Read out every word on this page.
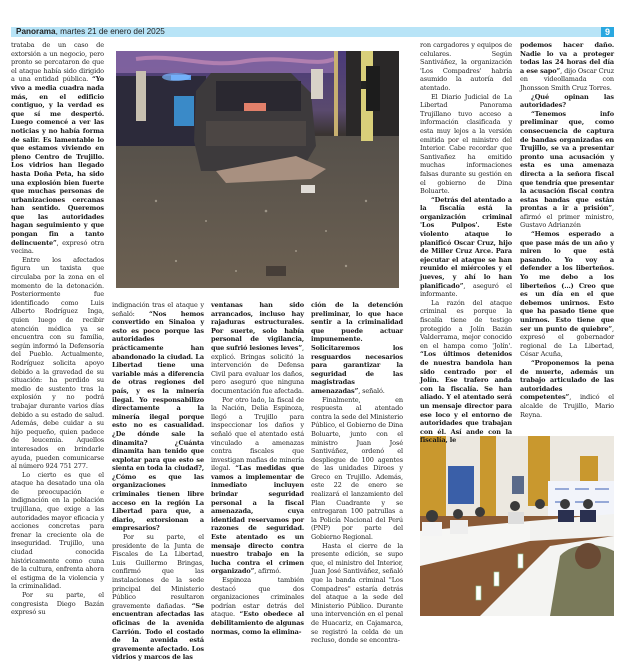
Panorama, martes 21 de enero del 2025	9

trataba de un caso de extorsión a un negocio, pero pronto se percataron de que el ataque había sido dirigido a una entidad pública. “Yo vivo a media cuadra nada más, en el edificio contiguo, y la verdad es que sí me despertó. Luego comencé a ver las noticias y no había forma de salir. Es lamentable lo que estamos viviendo en pleno Centro de Trujillo. Los vidrios han llegado hasta Doña Peta, ha sido una explosión bien fuerte que muchas personas de urbanizaciones cercanas han sentido. Queremos que las autoridades hagan seguimiento y que pongan fin a tanto delincuente”, expresó otra vecina.

Entre los afectados figura un taxista que circulaba por la zona en el momento de la detonación. Posteriormente fue identificado como Luis Alberto Rodríguez Inga, quien luego de recibir atención médica ya se encuentra con su familia, según informó la Defensoría del Pueblo. Actualmente, Rodríguez solicita apoyo debido a la gravedad de su situación: ha perdido su medio de sustento tras la explosión y no podrá trabajar durante varios días debido a su estado de salud. Además, debe cuidar a su hijo pequeño, quien padece de leucemia. Aquellos interesados en brindarle ayuda, pueden comunicarse al número 924 751 277.

Lo cierto es que el ataque ha desatado una ola de preocupación e indignación en la población trujillana, que exige a las autoridades mayor eficacia y acciones concretas para frenar la creciente ola de inseguridad. Trujillo, una ciudad conocida históricamente como cuna de la cultura, enfrenta ahora el estigma de la violencia y la criminalidad.

Por su parte, el congresista Diego Bazán expresó su

indignación tras el ataque y señaló: “Nos hemos convertido en Sinaloa y esto es poco porque las autoridades prácticamente han abandonado la ciudad. La Libertad tiene una variable más a diferencia de otras regiones del país, y es la minería ilegal. Yo responsabilizo directamente a la minería ilegal porque esto no es casualidad. ¿De dónde sale la dinamita? ¿Cuánta dinamita han tenido que explotar para que esto se sienta en toda la ciudad?, ¿Cómo es que las organizaciones criminales tienen libre acceso en la región La Libertad para que, a diario, extorsionan a empresarios?

Por su parte, el presidente de la Junta de Fiscales de La Libertad, Luis Guillermo Bringas, confirmó que las instalaciones de la sede principal del Ministerio Público resultaron gravemente dañadas. “Se encuentran afectadas las oficinas de la avenida Carrión. Todo el costado de la avenida está gravemente afectado. Los vidrios y marcos de las

ventanas han sido arrancados, incluso hay rajaduras estructurales. Por suerte, solo había personal de vigilancia, que sufrió lesiones leves”, explicó. Bringas solicitó la intervención de Defensa Civil para evaluar los daños, pero aseguró que ninguna documentación fue afectada.

Por otro lado, la fiscal de la Nación, Delia Espinoza, llegó a Trujillo para inspeccionar los daños y señaló que el atentado está vinculado a amenazas contra fiscales que investigan mafias de minería ilegal. “Las medidas que vamos a implementar de inmediato incluyen brindar seguridad personal a la fiscal amenazada, cuya identidad reservamos por razones de seguridad. Este atentado es un mensaje directo contra nuestro trabajo en la lucha contra el crimen organizado”, afirmó.

Espinoza también destacó que dos organizaciones criminales podrían estar detrás del ataque. “Esto obedece al debilitamiento de algunas normas, como la elimina-

ción de la detención preliminar, lo que hace sentir a la criminalidad que puede actuar impunemente. Solicitaremos los resguardos necesarios para garantizar la seguridad de las magistradas amenazadas”, señaló.

Finalmente, en respuesta al atentado contra la sede del Ministerio Público, el Gobierno de Dina Boluarte, junto con el ministro Juan José Santiváñez, ordenó el despliegue de 100 agentes de las unidades Diroes y Greco en Trujillo. Además, este 22 de enero se realizará el lanzamiento del Plan Cuadrante y se entregaran 100 patrullas a la Policía Nacional del Perú (PNP) por parte del Gobierno Regional.

Hasta el cierre de la presente edición, se supo que, el ministro del Interior, Juan José Santiváñez, señaló que la banda criminal "Los Compadres" estaría detrás del ataque a la sede del Ministerio Público. Durante una intervención en el penal de Huacariz, en Cajamarca, se registró la celda de un recluso, donde se encontra-

ron cargadores y equipos de celulares. Según Santiváñez, la organización 'Los Compadres' habría asumido la autoría del atentado.

El Diario Judicial de La Libertad Panorama Trujillano tuvo acceso a información clasificada y esta muy lejos a la versión emitida por el ministro del Interior. Cabe recordar que Santivañez ha emitido muchas informaciones falsas durante su gestión en el gobierno de Dina Boluarte.

“Detrás del atentado a la fiscalía está la organización criminal 'Los Pulpos'. Este violento ataque lo planificó Oscar Cruz, hijo de Miller Cruz Arce. Para ejecutar el ataque se han reunido el miércoles y el jueves, y ahí lo han planificado”, aseguró el informante.

La razón del ataque criminal es porque la fiscalía tiene de testigo protegido a Jolín Bazán Valderrama, mejor conocido en el hampa como 'Jolín'. “Los últimos detenidos de nuestra bandola han sido centrado por el Jolín. Ese trafero anda con la fiscalía. Se han aliado. Y el atentado será un mensaje director para ese loco y el entorno de autoridades que trabajan con él. Así ande con la fiscalía, le

podemos hacer daño. Nadie lo va a proteger todas las 24 horas del día a ese sapo”, dijo Oscar Cruz en videollamada con Jhonsson Smith Cruz Torres.

¿Qué opinan las autoridades?

“Tenemos info preliminar que, como consecuencia de captura de bandas organizadas en Trujillo, se va a presentar pronto una acusación y esta es una amenaza directa a la señora fiscal que tendría que presentar la acusación fiscal contra estas bandas que están prontas a ir a prisión”, afirmó el primer ministro, Gustavo Adrianzén

“Hemos esperado a que pase más de un año y miren lo que está pasando. Yo voy a defender a los liberteños. Yo me debo a los liberteños (...) Creo que es un día en el que debemos unirnos. Esto que ha pasado tiene que unirnos. Esto tiene que ser un punto de quiebre”, expresó el gobernador regional de La Libertad, César Acuña,

“Proponemos la pena de muerte, además un trabajo articulado de las autoridades competentes”, indicó el alcalde de Trujillo, Mario Reyna.
